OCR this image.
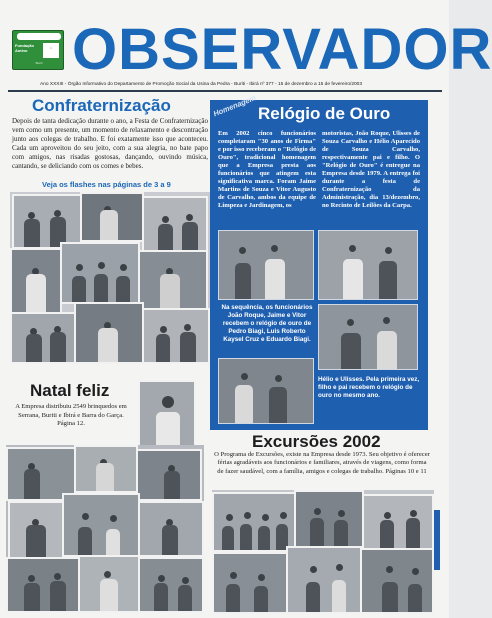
Fundação Amino	□
Buriti OBSERVADOR
Ano XXXIII - Órgão Informativo do Departamento de Promoção Social da Usina da Pedra - Buriti - Ibirá nº 377 - 15 de dezembro a 15 de fevereiro/2003
Confraternização
Depois de tanta dedicação durante o ano, a Festa de Confraternização vem como um presente, um momento de relaxamento e descontração junto aos colegas de trabalho. E foi exatamente isso que aconteceu. Cada um aproveitou do seu jeito, com a sua alegria, no bate papo com amigos, nas risadas gostosas, dançando, ouvindo música, cantando, se deliciando com os comes e bebes.
Veja os flashes nas páginas de 3 a 9
Natal feliz
A Empresa distribuiu 2549 brinquedos em Serrana, Buriti e Ibirá e Barra do Garça. Página 12.
Homenagem Relógio de Ouro
Em 2002 cinco funcionários completaram "30 anos de Firma" e por isso receberam o "Relógio de Ouro", tradicional homenagem que a Empresa presta aos funcionários que atingem esta significativa marca. Foram Jaime Martins de Souza e Vitor Augusto de Carvalho, ambos da equipe de Limpeza e Jardinagem, os
motoristas, João Roque, Ulisses de Souza Carvalho e Hélio Aparecido de Souza Carvalho, respectivamente pai e filho. O "Relógio de Ouro" é entregue na Empresa desde 1979. A entrega foi durante a festa de Confraternização da Administração, dia 13/dezembro, no Recinto de Leilões da Carpa.
Na sequência, os funcionários João Roque, Jaime e Vitor recebem o relógio de ouro de Pedro Biagi, Luis Roberto Kaysel Cruz e Eduardo Biagi.
Hélio e Ulisses. Pela primeira vez, filho e pai recebem o relógio de ouro no mesmo ano.
Excursões 2002
O Programa de Excursões, existe na Empresa desde 1973. Seu objetivo é oferecer férias agradáveis aos funcionários e familiares, através de viagens, como forma de fazer saudável, com a família, amigos e colegas de trabalho. Páginas 10 e 11
